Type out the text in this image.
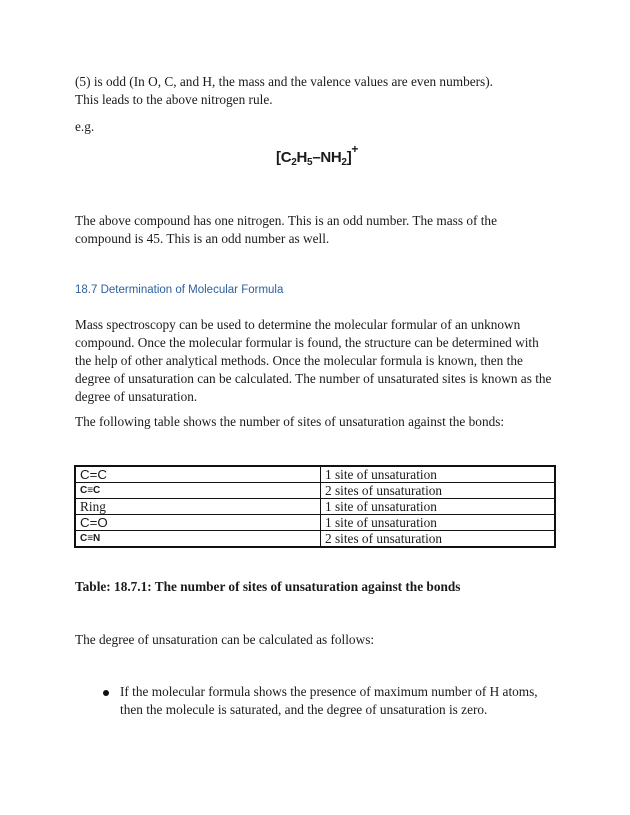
(5) is odd (In O, C, and H, the mass and the valence values are even numbers).

This leads to the above nitrogen rule.

e.g.

$[C_2H_5-NH_2]^+$

The above compound has one nitrogen. This is an odd number. The mass of the compound is 45. This is an odd number as well.

18.7 Determination of Molecular Formula

Mass spectroscopy can be used to determine the molecular formular of an unknown compound. Once the molecular formular is found, the structure can be determined with the help of other analytical methods. Once the molecular formula is known, then the degree of unsaturation can be calculated. The number of unsaturated sites is known as the degree of unsaturation.

The following table shows the number of sites of unsaturation against the bonds:

C=C	1 site of unsaturation
C≡C	2 sites of unsaturation
Ring	1 site of unsaturation
C=O	1 site of unsaturation
C≡N	2 sites of unsaturation

Table: 18.7.1: The number of sites of unsaturation against the bonds

The degree of unsaturation can be calculated as follows:

If the molecular formula shows the presence of maximum number of H atoms, then the molecule is saturated, and the degree of unsaturation is zero.
